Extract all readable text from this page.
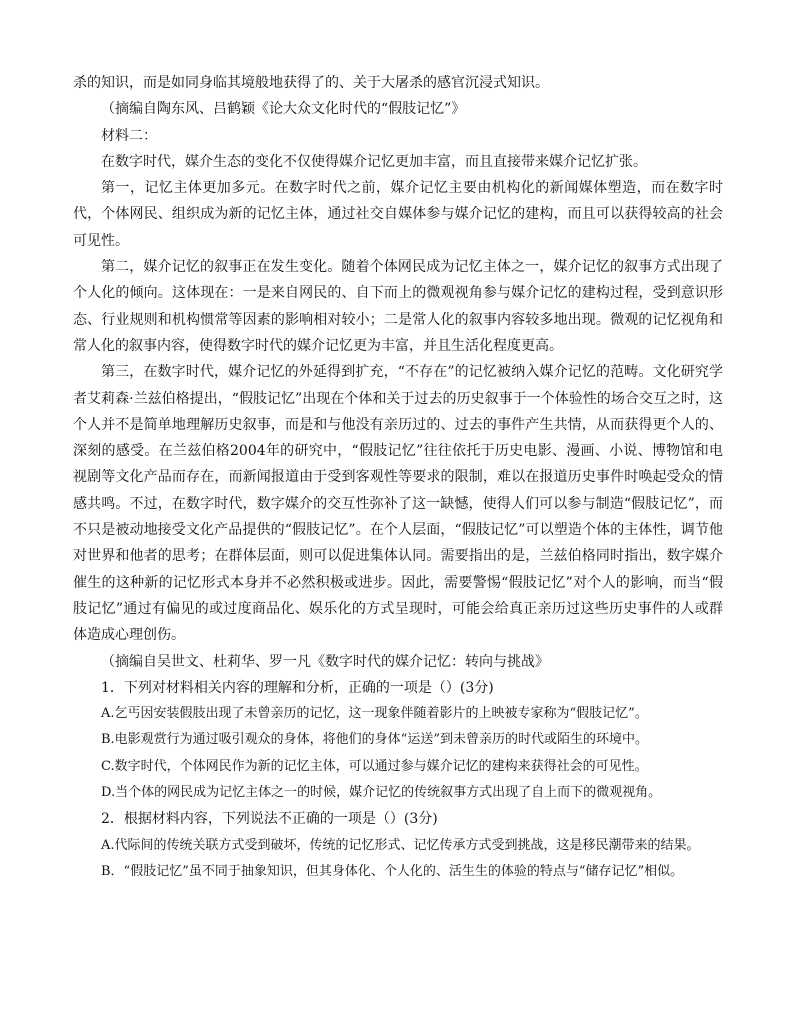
杀的知识，而是如同身临其境般地获得了的、关于大屠杀的感官沉浸式知识。

（摘编自陶东风、吕鹤颖《论大众文化时代的“假肢记忆”》

材料二：

在数字时代，媒介生态的变化不仅使得媒介记忆更加丰富，而且直接带来媒介记忆扩张。

第一，记忆主体更加多元。在数字时代之前，媒介记忆主要由机构化的新闻媒体塑造，而在数字时代，个体网民、组织成为新的记忆主体，通过社交自媒体参与媒介记忆的建构，而且可以获得较高的社会可见性。

第二，媒介记忆的叙事正在发生变化。随着个体网民成为记忆主体之一，媒介记忆的叙事方式出现了个人化的倾向。这体现在：一是来自网民的、自下而上的微观视角参与媒介记忆的建构过程，受到意识形态、行业规则和机构惯常等因素的影响相对较小；二是常人化的叙事内容较多地出现。微观的记忆视角和常人化的叙事内容，使得数字时代的媒介记忆更为丰富，并且生活化程度更高。

第三，在数字时代，媒介记忆的外延得到扩充，“不存在”的记忆被纳入媒介记忆的范畴。文化研究学者艾莉森·兰兹伯格提出，“假肢记忆”出现在个体和关于过去的历史叙事于一个体验性的场合交互之时，这个人并不是简单地理解历史叙事，而是和与他没有亲历过的、过去的事件产生共情，从而获得更个人的、深刻的感受。在兰兹伯格2004年的研究中，“假肢记忆”往往依托于历史电影、漫画、小说、博物馆和电视剧等文化产品而存在，而新闻报道由于受到客观性等要求的限制，难以在报道历史事件时唤起受众的情感共鸣。不过，在数字时代，数字媒介的交互性弥补了这一缺憾，使得人们可以参与制造“假肢记忆”，而不只是被动地接受文化产品提供的“假肢记忆”。在个人层面，“假肢记忆”可以塑造个体的主体性，调节他对世界和他者的思考；在群体层面，则可以促进集体认同。需要指出的是，兰兹伯格同时指出，数字媒介催生的这种新的记忆形式本身并不必然积极或进步。因此，需要警惕“假肢记忆”对个人的影响，而当“假肢记忆”通过有偏见的或过度商品化、娱乐化的方式呈现时，可能会给真正亲历过这些历史事件的人或群体造成心理创伤。

（摘编自吴世文、杜莉华、罗一凡《数字时代的媒介记忆：转向与挑战》

1．下列对材料相关内容的理解和分析，正确的一项是（）(3分)

A.乞丐因安装假肢出现了未曾亲历的记忆，这一现象伴随着影片的上映被专家称为“假肢记忆”。

B.电影观赏行为通过吸引观众的身体，将他们的身体“运送”到未曾亲历的时代或陌生的环境中。

C.数字时代，个体网民作为新的记忆主体，可以通过参与媒介记忆的建构来获得社会的可见性。

D.当个体的网民成为记忆主体之一的时候，媒介记忆的传统叙事方式出现了自上而下的微观视角。

2．根据材料内容，下列说法不正确的一项是（）(3分)

A.代际间的传统关联方式受到破坏，传统的记忆形式、记忆传承方式受到挑战，这是移民潮带来的结果。

B．“假肢记忆”虽不同于抽象知识，但其身体化、个人化的、活生生的体验的特点与“储存记忆”相似。
